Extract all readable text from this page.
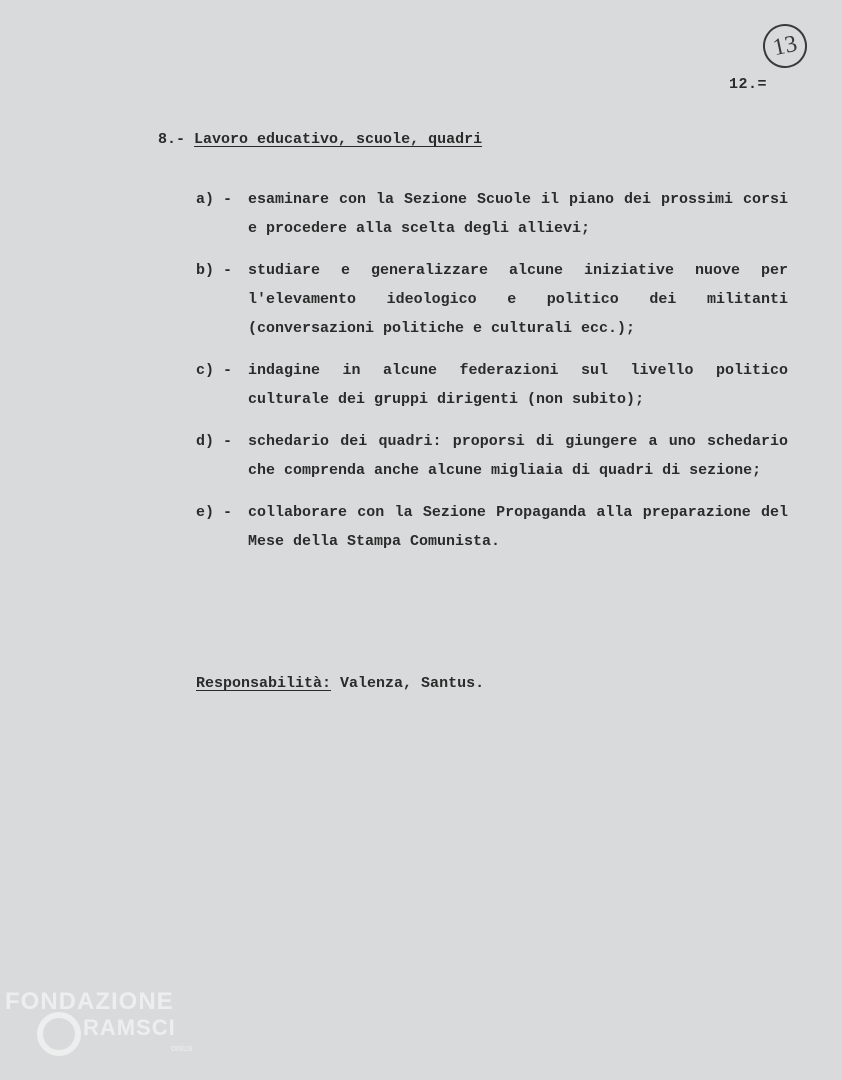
13
12.=
8.- Lavoro educativo, scuole, quadri
a) -	esaminare con la Sezione Scuole il piano dei prossimi corsi e procedere alla scelta degli allievi;
b) -	studiare e generalizzare alcune iniziative nuove per l'elevamento ideologico e politico dei militanti (conversazioni politiche e culturali ecc.);
c) -	indagine in alcune federazioni sul livello politico culturale dei gruppi dirigenti (non subito);
d) -	schedario dei quadri: proporsi di giungere a uno schedario che comprenda anche alcune migliaia di quadri di sezione;
e) -	collaborare con la Sezione Propaganda alla preparazione del Mese della Stampa Comunista.
Responsabilità: Valenza, Santus.
FONDAZIONE
RAMSCI
onlus
